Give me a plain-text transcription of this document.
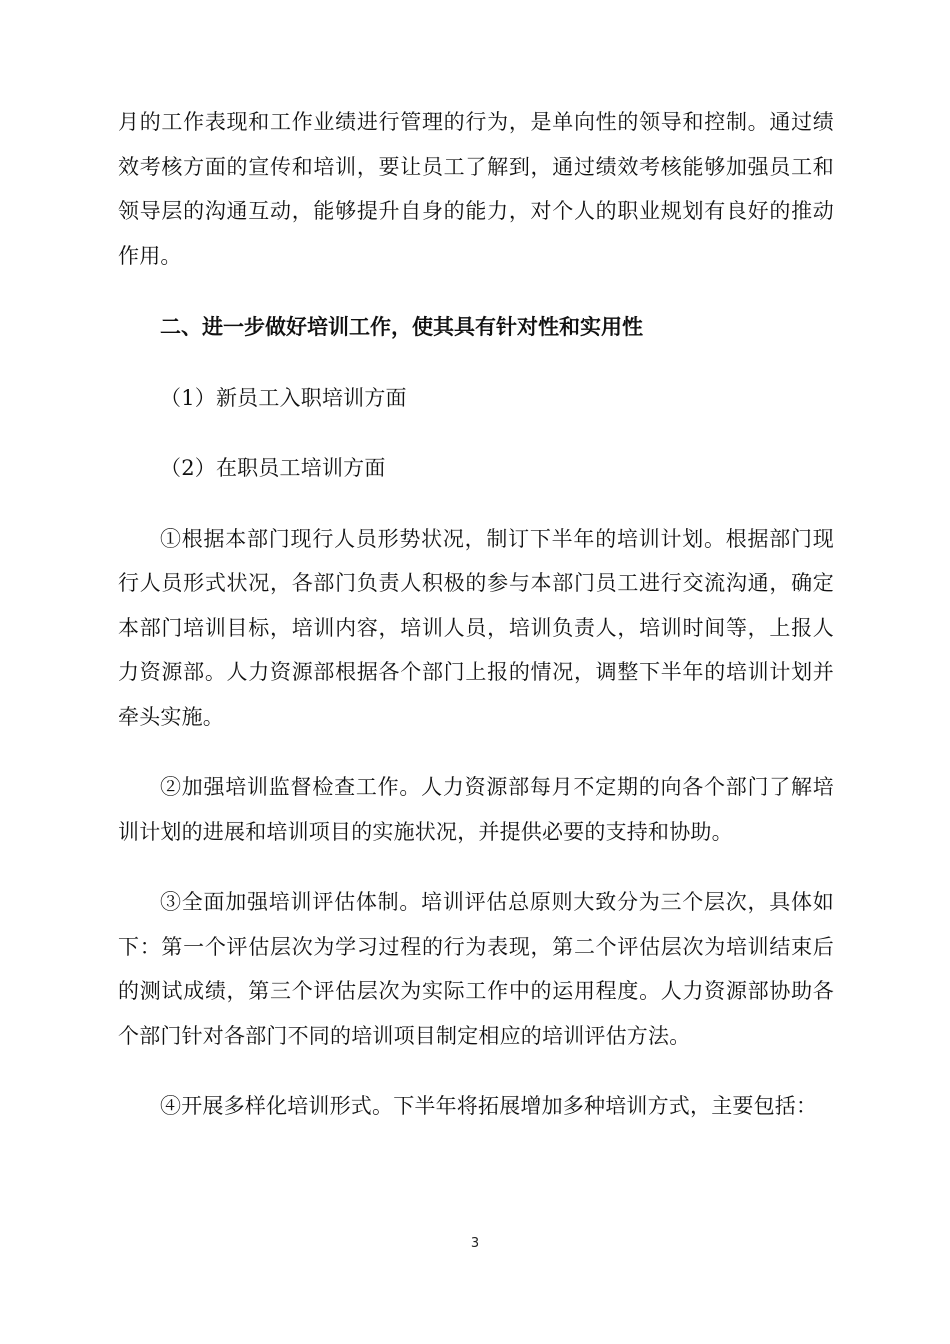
月的工作表现和工作业绩进行管理的行为，是单向性的领导和控制。通过绩效考核方面的宣传和培训，要让员工了解到，通过绩效考核能够加强员工和领导层的沟通互动，能够提升自身的能力，对个人的职业规划有良好的推动作用。

二、进一步做好培训工作，使其具有针对性和实用性

（1）新员工入职培训方面

（2）在职员工培训方面

①根据本部门现行人员形势状况，制订下半年的培训计划。根据部门现行人员形式状况，各部门负责人积极的参与本部门员工进行交流沟通，确定本部门培训目标，培训内容，培训人员，培训负责人，培训时间等，上报人力资源部。人力资源部根据各个部门上报的情况，调整下半年的培训计划并牵头实施。

②加强培训监督检查工作。人力资源部每月不定期的向各个部门了解培训计划的进展和培训项目的实施状况，并提供必要的支持和协助。

③全面加强培训评估体制。培训评估总原则大致分为三个层次，具体如下：第一个评估层次为学习过程的行为表现，第二个评估层次为培训结束后的测试成绩，第三个评估层次为实际工作中的运用程度。人力资源部协助各个部门针对各部门不同的培训项目制定相应的培训评估方法。

④开展多样化培训形式。下半年将拓展增加多种培训方式，主要包括：

3
